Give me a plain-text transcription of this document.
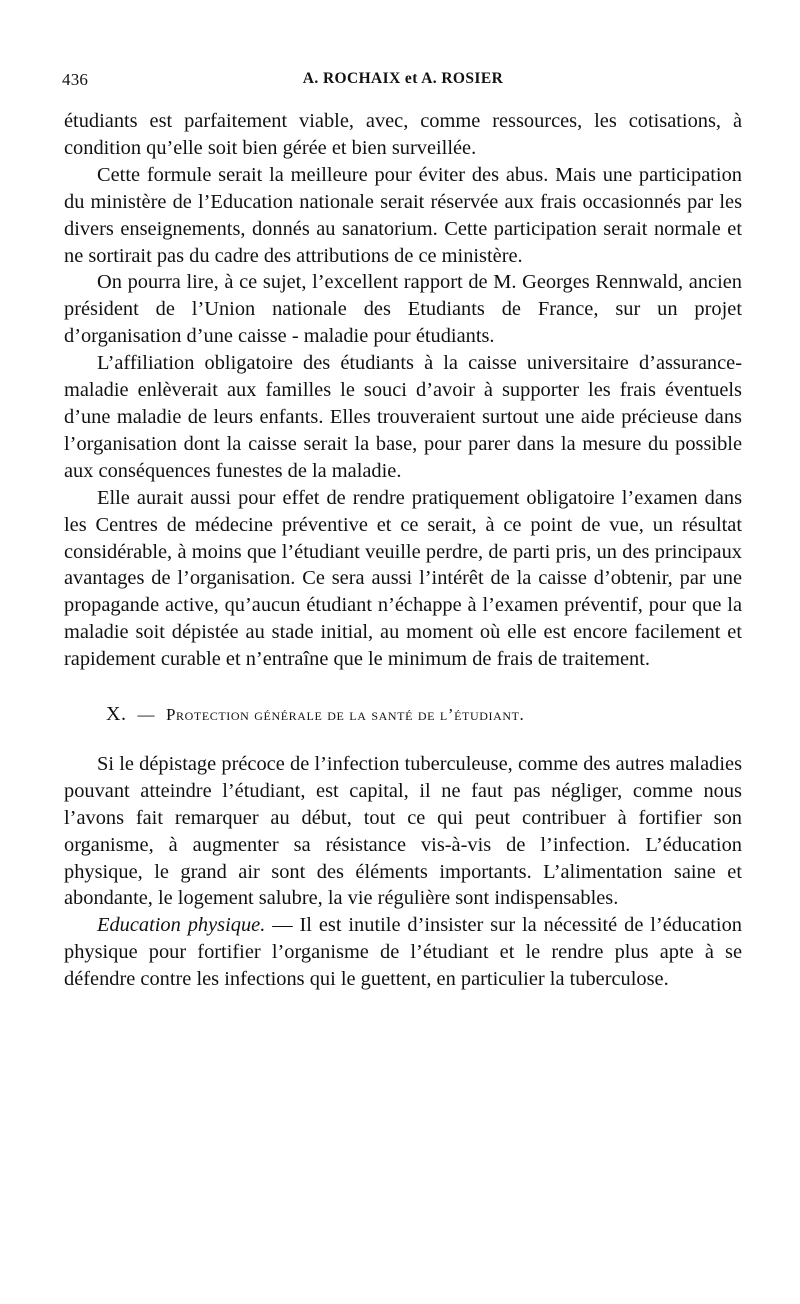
436	A. ROCHAIX et A. ROSIER

étudiants est parfaitement viable, avec, comme ressources, les cotisations, à condition qu’elle soit bien gérée et bien surveillée.

Cette formule serait la meilleure pour éviter des abus. Mais une participation du ministère de l’Education nationale serait réservée aux frais occasionnés par les divers enseignements, donnés au sanatorium. Cette participation serait normale et ne sortirait pas du cadre des attributions de ce ministère.

On pourra lire, à ce sujet, l’excellent rapport de M. Georges Rennwald, ancien président de l’Union nationale des Etudiants de France, sur un projet d’organisation d’une caisse - maladie pour étudiants.

L’affiliation obligatoire des étudiants à la caisse universitaire d’assurance-maladie enlèverait aux familles le souci d’avoir à supporter les frais éventuels d’une maladie de leurs enfants. Elles trouveraient surtout une aide précieuse dans l’organisation dont la caisse serait la base, pour parer dans la mesure du possible aux conséquences funestes de la maladie.

Elle aurait aussi pour effet de rendre pratiquement obligatoire l’examen dans les Centres de médecine préventive et ce serait, à ce point de vue, un résultat considérable, à moins que l’étudiant veuille perdre, de parti pris, un des principaux avantages de l’organisation. Ce sera aussi l’intérêt de la caisse d’obtenir, par une propagande active, qu’aucun étudiant n’échappe à l’examen préventif, pour que la maladie soit dépistée au stade initial, au moment où elle est encore facilement et rapidement curable et n’entraîne que le minimum de frais de traitement.

X. — Protection générale de la santé de l’étudiant.

Si le dépistage précoce de l’infection tuberculeuse, comme des autres maladies pouvant atteindre l’étudiant, est capital, il ne faut pas négliger, comme nous l’avons fait remarquer au début, tout ce qui peut contribuer à fortifier son organisme, à augmenter sa résistance vis-à-vis de l’infection. L’éducation physique, le grand air sont des éléments importants. L’alimentation saine et abondante, le logement salubre, la vie régulière sont indispensables.

Education physique. — Il est inutile d’insister sur la nécessité de l’éducation physique pour fortifier l’organisme de l’étudiant et le rendre plus apte à se défendre contre les infections qui le guettent, en particulier la tuberculose.
